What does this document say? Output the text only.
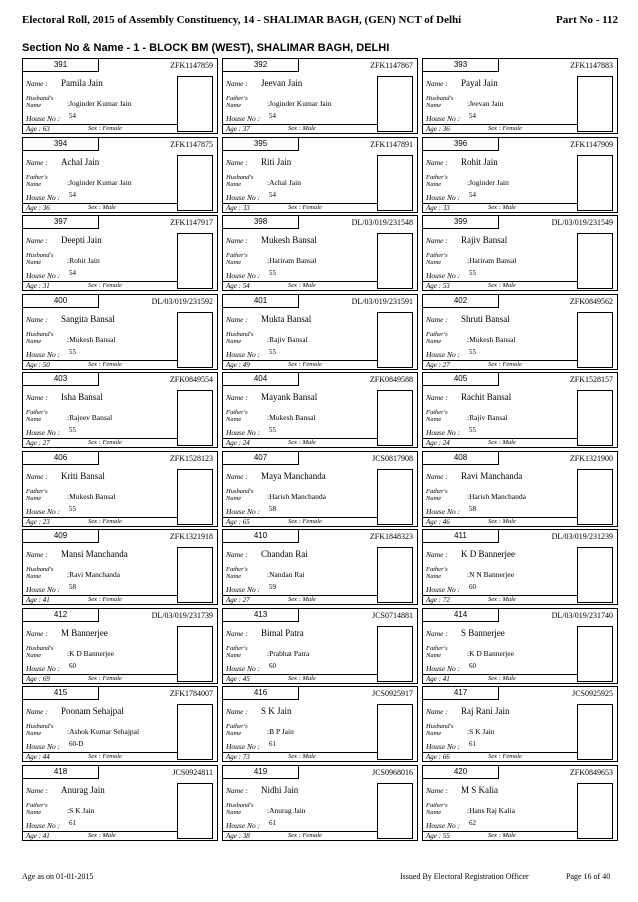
Electoral Roll, 2015 of Assembly Constituency, 14 - SHALIMAR BAGH, (GEN) NCT of Delhi	Part No - 112
Section No & Name - 1 - BLOCK BM (WEST), SHALIMAR BAGH, DELHI
391	ZFK1147859
Name : Pamila Jain
Husband's
Name	:Joginder Kumar Jain
House No : 54
Age : 63	Sex : Female
392	ZFK1147867
Name : Jeevan Jain
Father's
Name	:Joginder Kumar Jain
House No : 54
Age : 37	Sex : Male
393	ZFK1147883
Name : Payal Jain
Husband's
Name	:Jeevan Jain
House No : 54
Age : 36	Sex : Female
394	ZFK1147875
Name : Achal Jain
Father's
Name	:Joginder Kumar Jain
House No : 54
Age : 36	Sex : Male
395	ZFK1147891
Name : Riti Jain
Husband's
Name	:Achal Jain
House No : 54
Age : 33	Sex : Female
396	ZFK1147909
Name : Rohit Jain
Father's
Name	:Joginder Jain
House No : 54
Age : 33	Sex : Male
397	ZFK1147917
Name : Deepti Jain
Husband's
Name	:Rohit Jain
House No : 54
Age : 31	Sex : Female
398	DL/03/019/231548
Name : Mukesh Bansal
Father's
Name	:Hariram Bansal
House No : 55
Age : 54	Sex : Male
399	DL/03/019/231549
Name : Rajiv Bansal
Father's
Name	:Hariram Bansal
House No : 55
Age : 53	Sex : Male
400	DL/03/019/231592
Name : Sangita Bansal
Husband's
Name	:Mukesh Bansal
House No : 55
Age : 50	Sex : Female
401	DL/03/019/231591
Name : Mukta Bansal
Husband's
Name	:Rajiv Bansal
House No : 55
Age : 49	Sex : Female
402	ZFK0849562
Name : Shruti Bansal
Father's
Name	:Mukesh Bansal
House No : 55
Age : 27	Sex : Female
403	ZFK0849554
Name : Isha Bansal
Father's
Name	:Rajeev Bansal
House No : 55
Age : 27	Sex : Female
404	ZFK0849588
Name : Mayank Bansal
Father's
Name	:Mukesh Bansal
House No : 55
Age : 24	Sex : Male
405	ZFK1528157
Name : Rachit Bansal
Father's
Name	:Rajiv Bansal
House No : 55
Age : 24	Sex : Male
406	ZFK1528123
Name : Kriti Bansal
Father's
Name	:Mukesh Bansal
House No : 55
Age : 23	Sex : Female
407	JCS0817908
Name : Maya Manchanda
Husband's
Name	:Harish Manchanda
House No : 58
Age : 65	Sex : Female
408	ZFK1321900
Name : Ravi Manchanda
Father's
Name	:Harish Manchanda
House No : 58
Age : 46	Sex : Male
409	ZFK1321918
Name : Mansi Manchanda
Husband's
Name	:Ravi Manchanda
House No : 58
Age : 41	Sex : Female
410	ZFK1848323
Name : Chandan Rai
Father's
Name	:Nandan Rai
House No : 59
Age : 27	Sex : Male
411	DL/03/019/231239
Name : K D Bannerjee
Father's
Name	:N N Bannerjee
House No : 60
Age : 72	Sex : Male
412	DL/03/019/231739
Name : M Bannerjee
Husband's
Name	:K D Bannerjee
House No : 60
Age : 69	Sex : Female
413	JCS0714881
Name : Bimal Patra
Father's
Name	:Prabhat Patra
House No : 60
Age : 45	Sex : Male
414	DL/03/019/231740
Name : S Bannerjee
Father's
Name	:K D Bannerjee
House No : 60
Age : 41	Sex : Male
415	ZFK1784007
Name : Poonam Sehajpal
Husband's
Name	:Ashok Kumar Sehajpal
House No : 60-D
Age : 44	Sex : Female
416	JCS0925917
Name : S K Jain
Father's
Name	:B P Jain
House No : 61
Age : 73	Sex : Male
417	JCS0925925
Name : Raj Rani Jain
Husband's
Name	:S K Jain
House No : 61
Age : 66	Sex : Female
418	JCS0924811
Name : Anurag Jain
Father's
Name	:S K Jain
House No : 61
Age : 41	Sex : Male
419	JCS0968016
Name : Nidhi Jain
Husband's
Name	:Anurag Jain
House No : 61
Age : 38	Sex : Female
420	ZFK0849653
Name : M S Kalia
Father's
Name	:Hans Raj Kalia
House No : 62
Age : 55	Sex : Male
Age as on 01-01-2015	Issued By Electoral Registration Officer	Page 16 of 40
